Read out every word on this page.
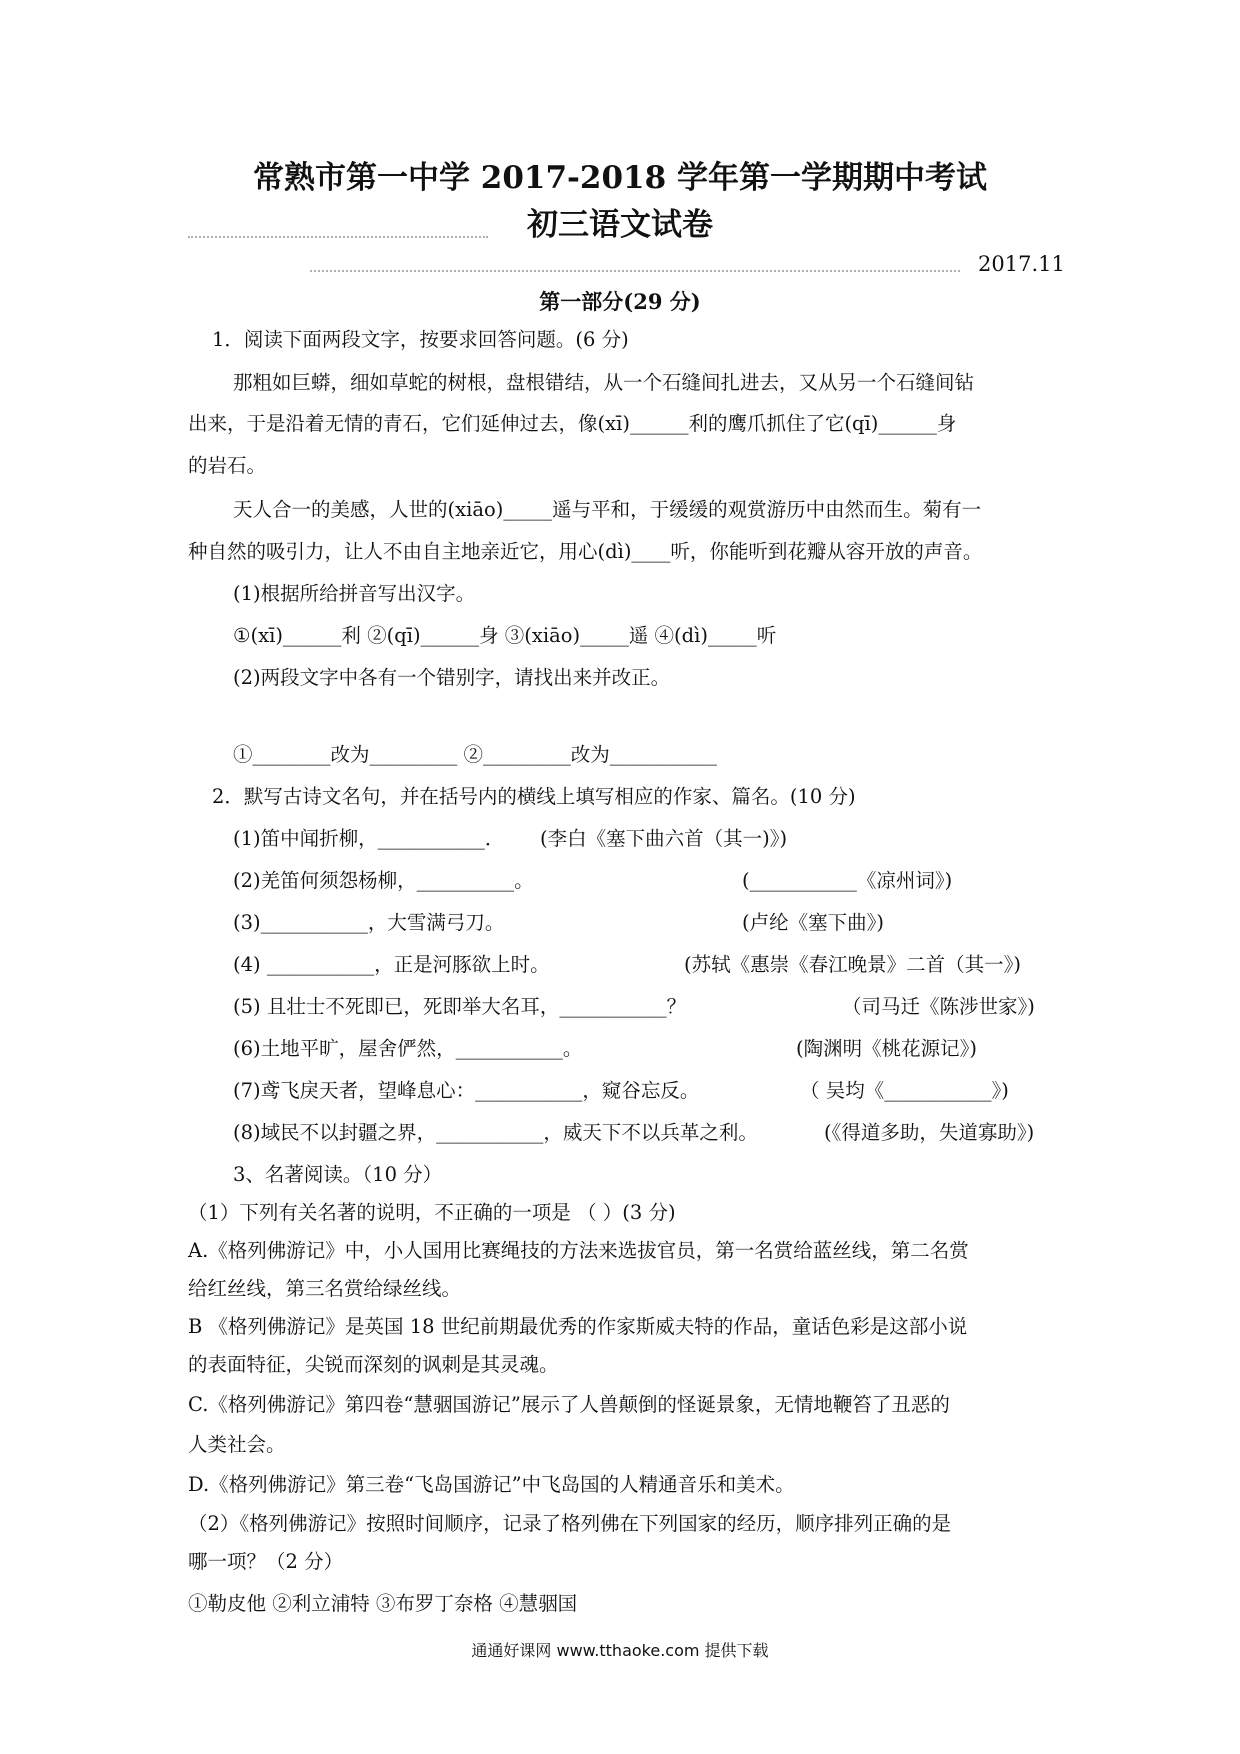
常熟市第一中学 2017-2018 学年第一学期期中考试
初三语文试卷
2017.11
第一部分(29 分)
1．阅读下面两段文字，按要求回答问题。(6 分)
那粗如巨蟒，细如草蛇的树根，盘根错结，从一个石缝间扎进去，又从另一个石缝间钻
出来，于是沿着无情的青石，它们延伸过去，像(xī)______利的鹰爪抓住了它(qī)______身
的岩石。
天人合一的美感，人世的(xiāo)_____遥与平和，于缓缓的观赏游历中由然而生。菊有一
种自然的吸引力，让人不由自主地亲近它，用心(dì)____听，你能听到花瓣从容开放的声音。
(1)根据所给拼音写出汉字。
①(xī)______利 ②(qī)______身 ③(xiāo)_____遥 ④(dì)_____听
(2)两段文字中各有一个错别字，请找出来并改正。
①________改为_________ ②_________改为___________
2．默写古诗文名句，并在括号内的横线上填写相应的作家、篇名。(10 分)
(1)笛中闻折柳，___________． (李白《塞下曲六首（其一)》)
(2)羌笛何须怨杨柳，__________。	(___________《凉州词》)
(3)___________，大雪满弓刀。	(卢纶《塞下曲》)
(4) ___________，正是河豚欲上时。	(苏轼《惠崇《春江晚景》二首（其一》)
(5) 且壮士不死即已，死即举大名耳，___________？	（司马迁《陈涉世家》)
(6)土地平旷，屋舍俨然，___________。	(陶渊明《桃花源记》)
(7)鸢飞戾天者，望峰息心：___________，窥谷忘反。	（ 吴均《___________》)
(8)域民不以封疆之界，___________，威天下不以兵革之利。	(《得道多助，失道寡助》)
3、名著阅读。（10 分）
（1）下列有关名著的说明，不正确的一项是 （ ）(3 分)
A.《格列佛游记》中，小人国用比赛绳技的方法来选拔官员，第一名赏给蓝丝线，第二名赏
给红丝线，第三名赏给绿丝线。
B 《格列佛游记》是英国 18 世纪前期最优秀的作家斯威夫特的作品，童话色彩是这部小说
的表面特征，尖锐而深刻的讽刺是其灵魂。
C.《格列佛游记》第四卷“慧骃国游记”展示了人兽颠倒的怪诞景象，无情地鞭笞了丑恶的
人类社会。
D.《格列佛游记》第三卷“飞岛国游记”中飞岛国的人精通音乐和美术。
（2）《格列佛游记》按照时间顺序，记录了格列佛在下列国家的经历，顺序排列正确的是
哪一项？（2 分）
①勒皮他 ②利立浦特 ③布罗丁奈格 ④慧骃国
通通好课网 www.tthaoke.com 提供下载
